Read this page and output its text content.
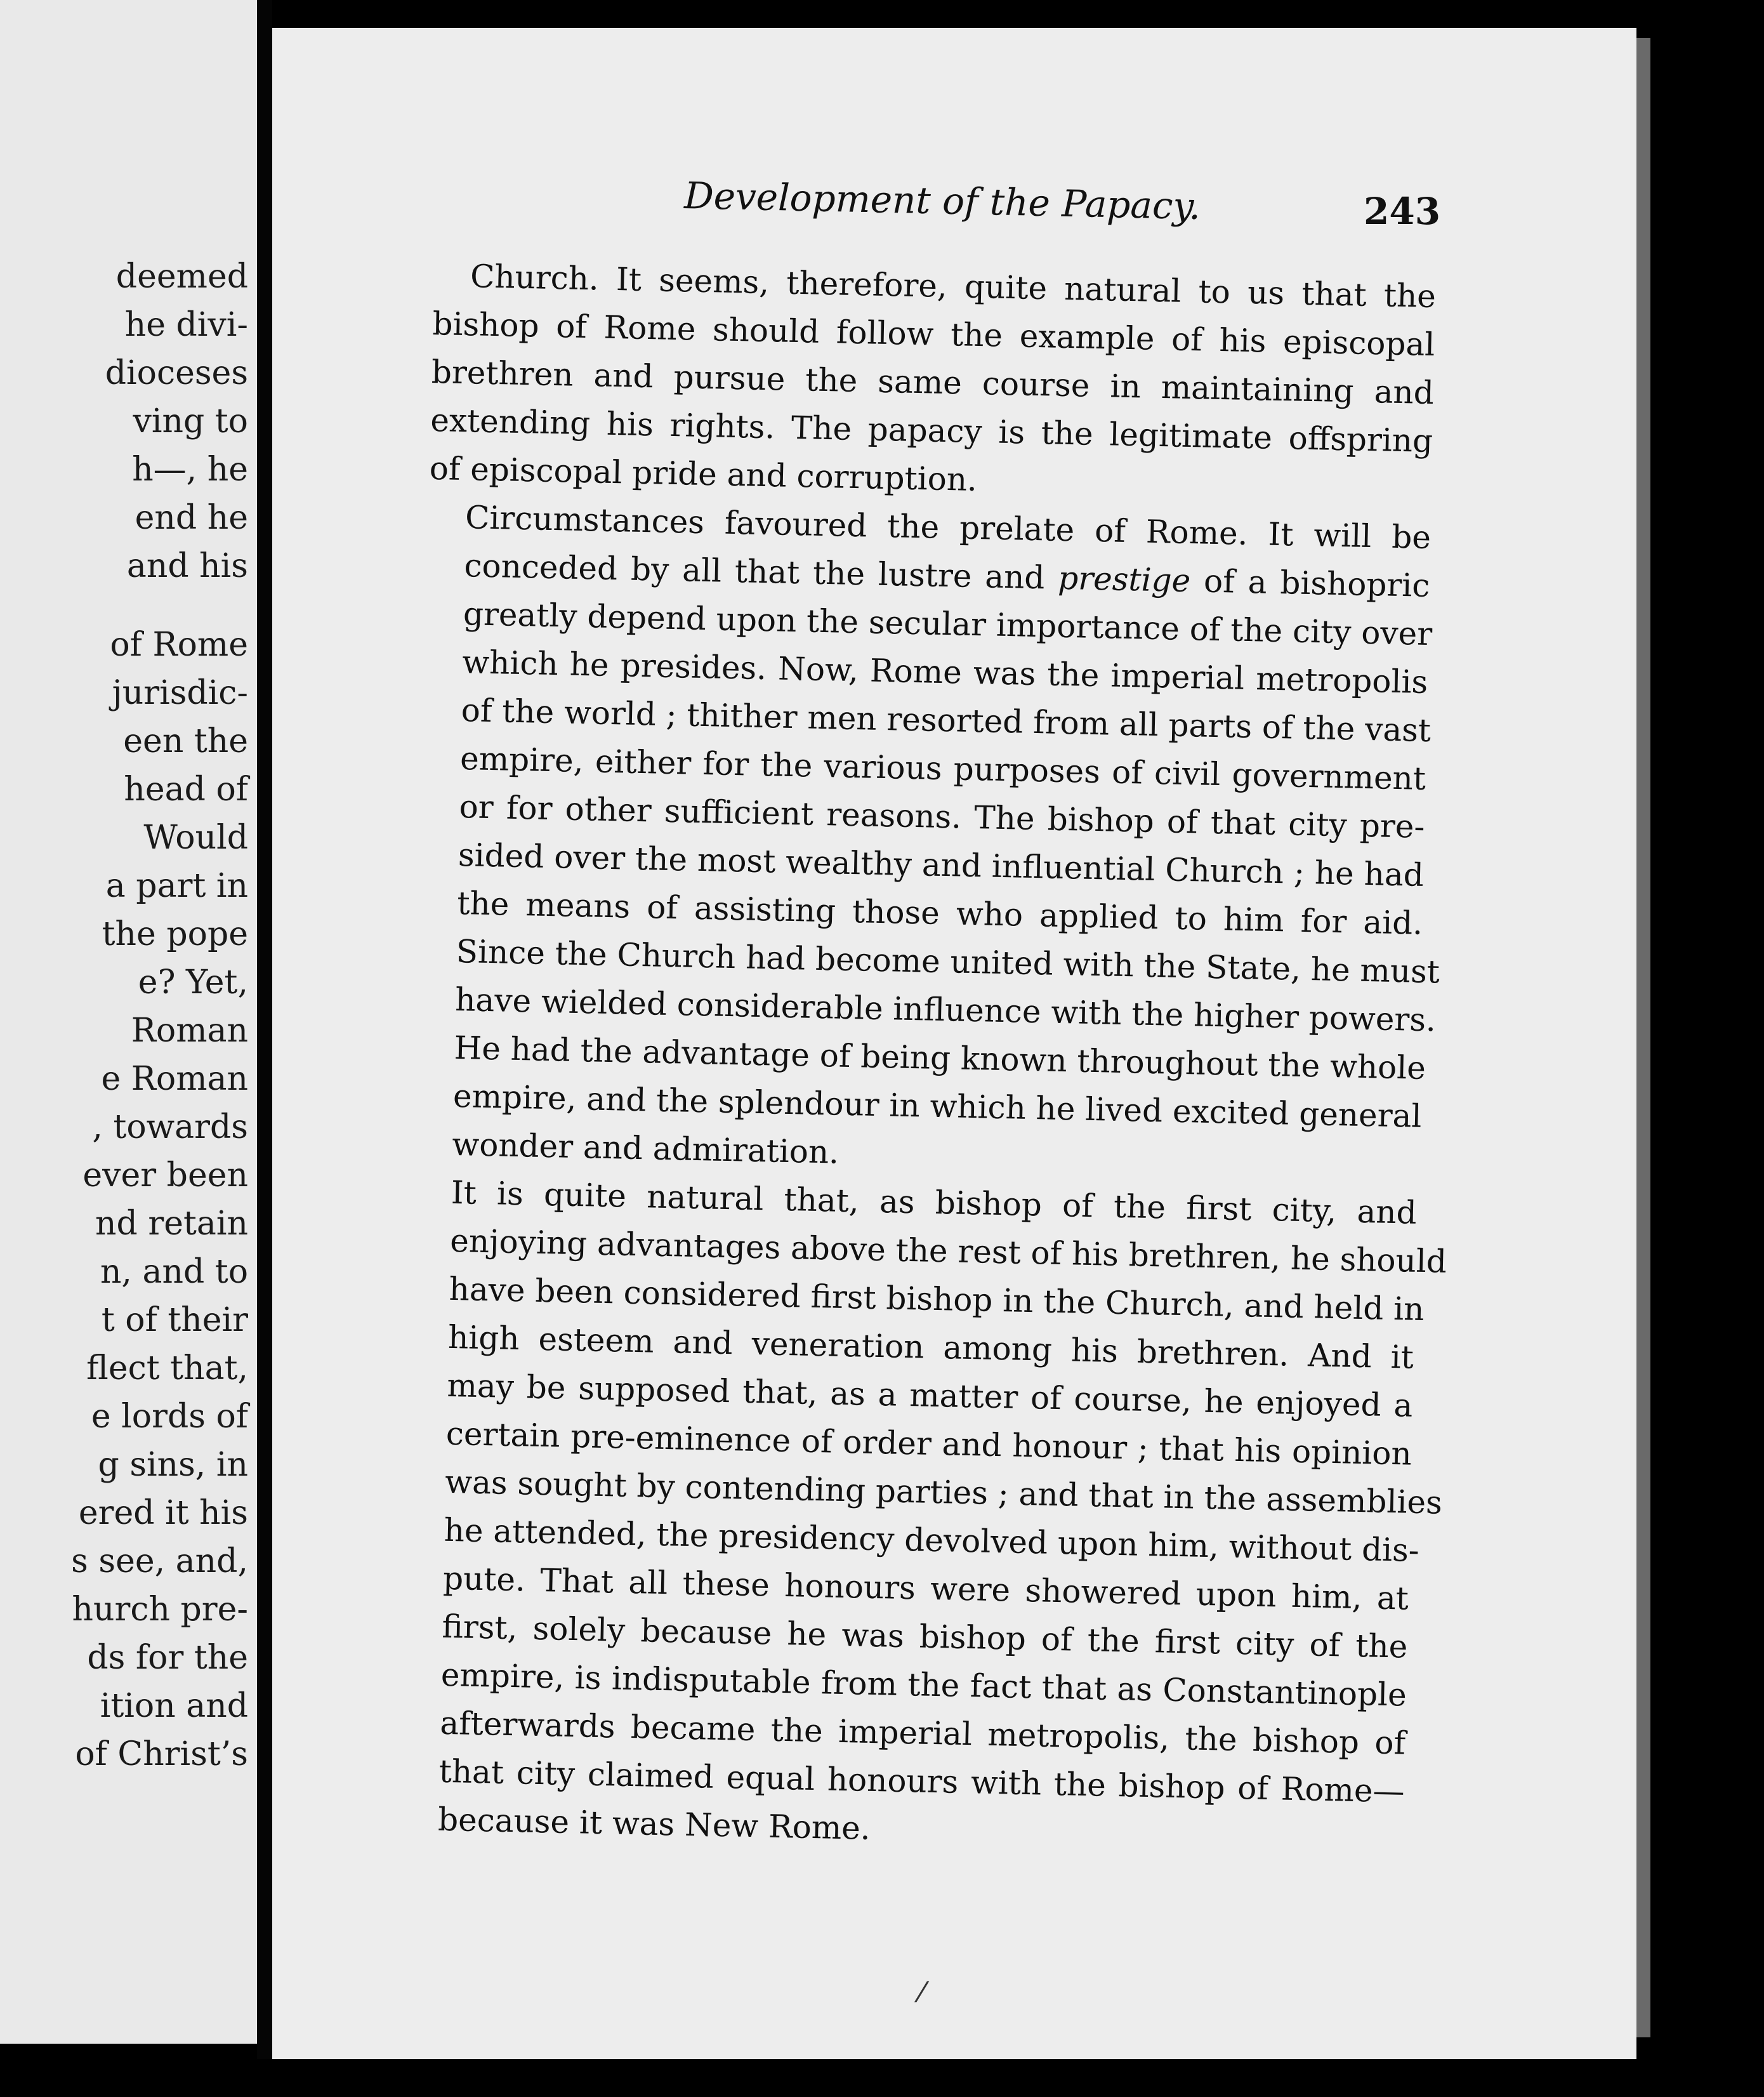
deemed
he divi-
dioceses
ving to
h—, he
end he
and his
of Rome
jurisdic-
een the
head of
Would
a part in
the pope
e? Yet,
Roman
e Roman
, towards
ever been
nd retain
n, and to
t of their
flect that,
e lords of
g sins, in
ered it his
s see, and,
hurch pre-
ds for the
ition and
of Christ’s
Development of the Papacy.	243
Church. It seems, therefore, quite natural to us that the
bishop of Rome should follow the example of his episcopal
brethren and pursue the same course in maintaining and
extending his rights. The papacy is the legitimate offspring
of episcopal pride and corruption.
Circumstances favoured the prelate of Rome. It will be
conceded by all that the lustre and prestige of a bishopric
greatly depend upon the secular importance of the city over
which he presides. Now, Rome was the imperial metropolis
of the world ; thither men resorted from all parts of the vast
empire, either for the various purposes of civil government
or for other sufficient reasons. The bishop of that city pre-
sided over the most wealthy and influential Church ; he had
the means of assisting those who applied to him for aid.
Since the Church had become united with the State, he must
have wielded considerable influence with the higher powers.
He had the advantage of being known throughout the whole
empire, and the splendour in which he lived excited general
wonder and admiration.
It is quite natural that, as bishop of the first city, and
enjoying advantages above the rest of his brethren, he should
have been considered first bishop in the Church, and held in
high esteem and veneration among his brethren. And it
may be supposed that, as a matter of course, he enjoyed a
certain pre-eminence of order and honour ; that his opinion
was sought by contending parties ; and that in the assemblies
he attended, the presidency devolved upon him, without dis-
pute. That all these honours were showered upon him, at
first, solely because he was bishop of the first city of the
empire, is indisputable from the fact that as Constantinople
afterwards became the imperial metropolis, the bishop of
that city claimed equal honours with the bishop of Rome—
because it was New Rome.
⁄
